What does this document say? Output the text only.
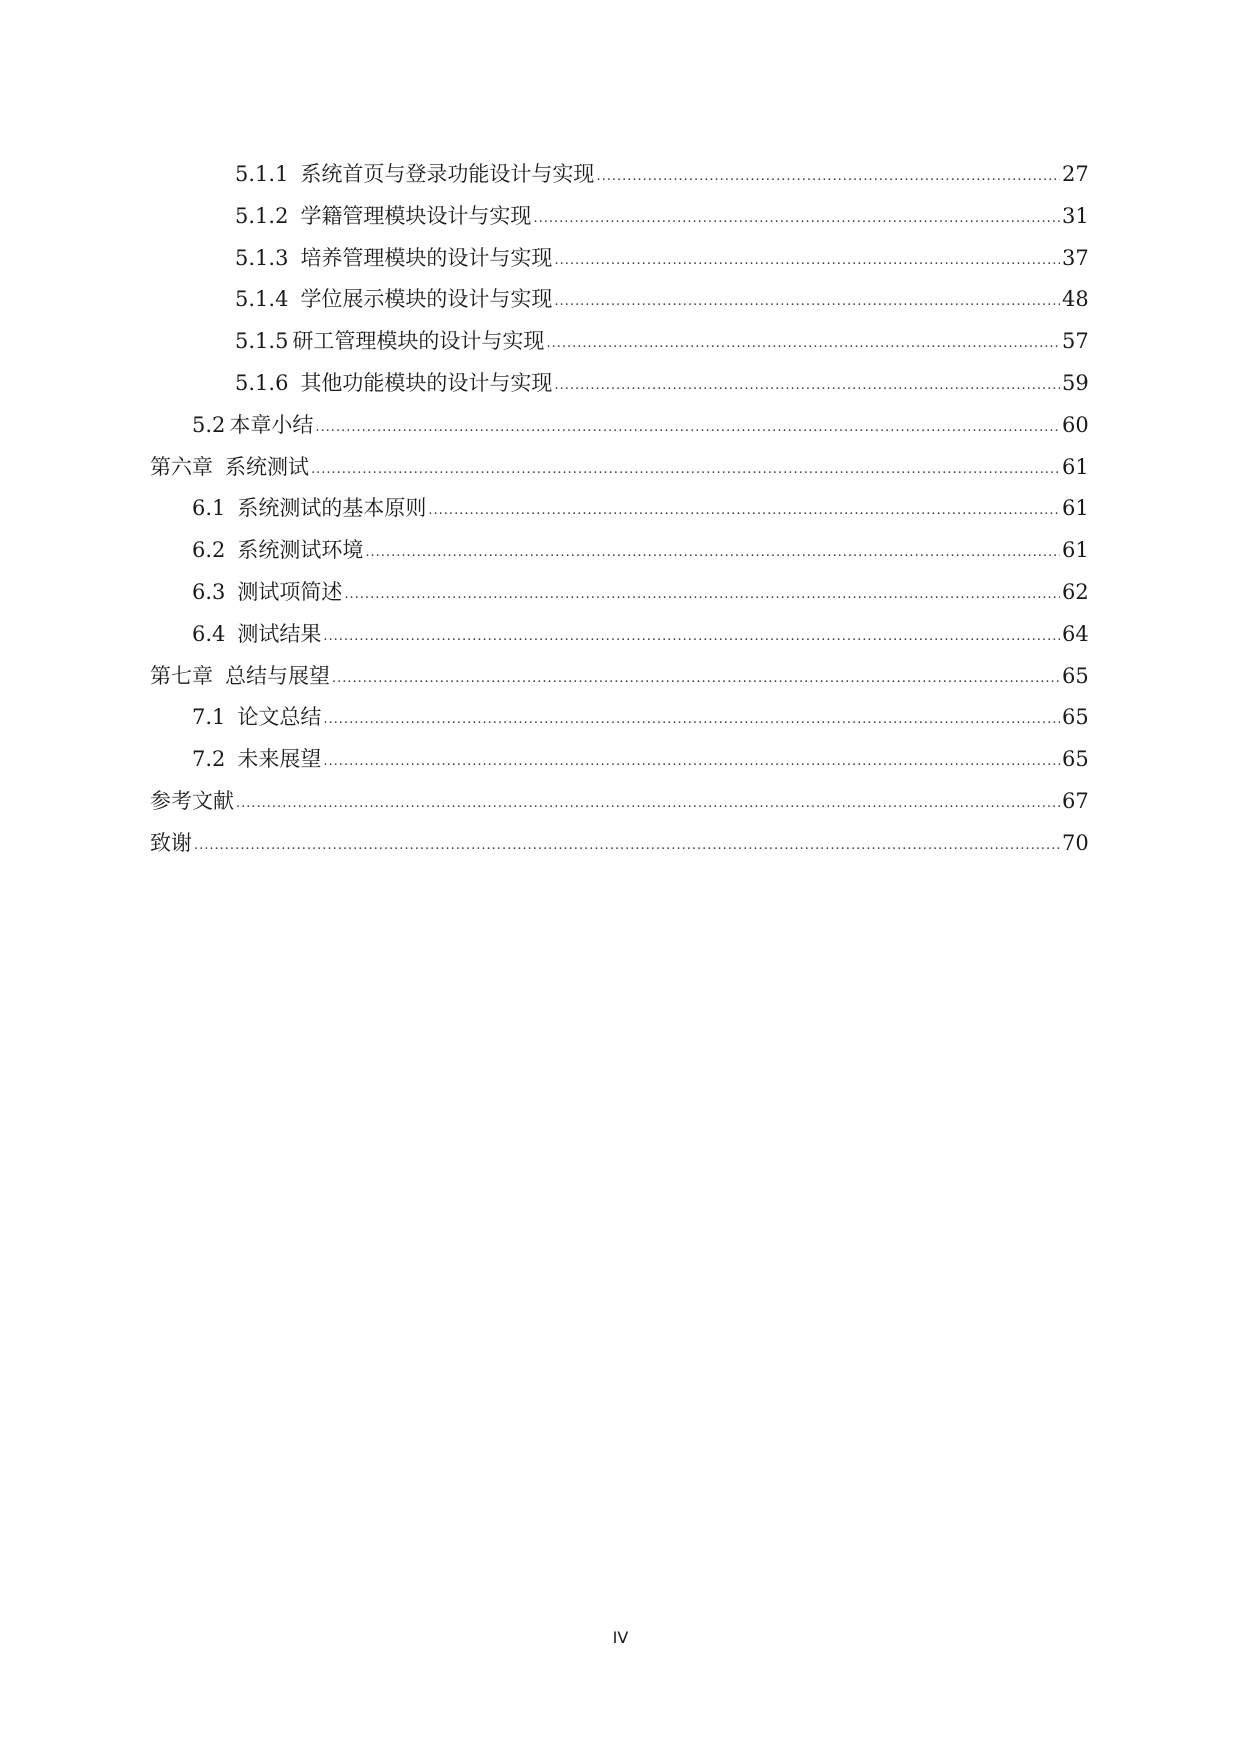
5.1.1 系统首页与登录功能设计与实现 .....	27
5.1.2 学籍管理模块设计与实现 .....	31
5.1.3 培养管理模块的设计与实现 .....	37
5.1.4 学位展示模块的设计与实现 .....	48
5.1.5 研工管理模块的设计与实现 .....	57
5.1.6 其他功能模块的设计与实现 .....	59
5.2 本章小结 .....	60
第六章 系统测试 .....	61
6.1 系统测试的基本原则 .....	61
6.2 系统测试环境 .....	61
6.3 测试项简述 .....	62
6.4 测试结果 .....	64
第七章 总结与展望 .....	65
7.1 论文总结 .....	65
7.2 未来展望 .....	65
参考文献 .....	67
致谢 .....	70
IV
